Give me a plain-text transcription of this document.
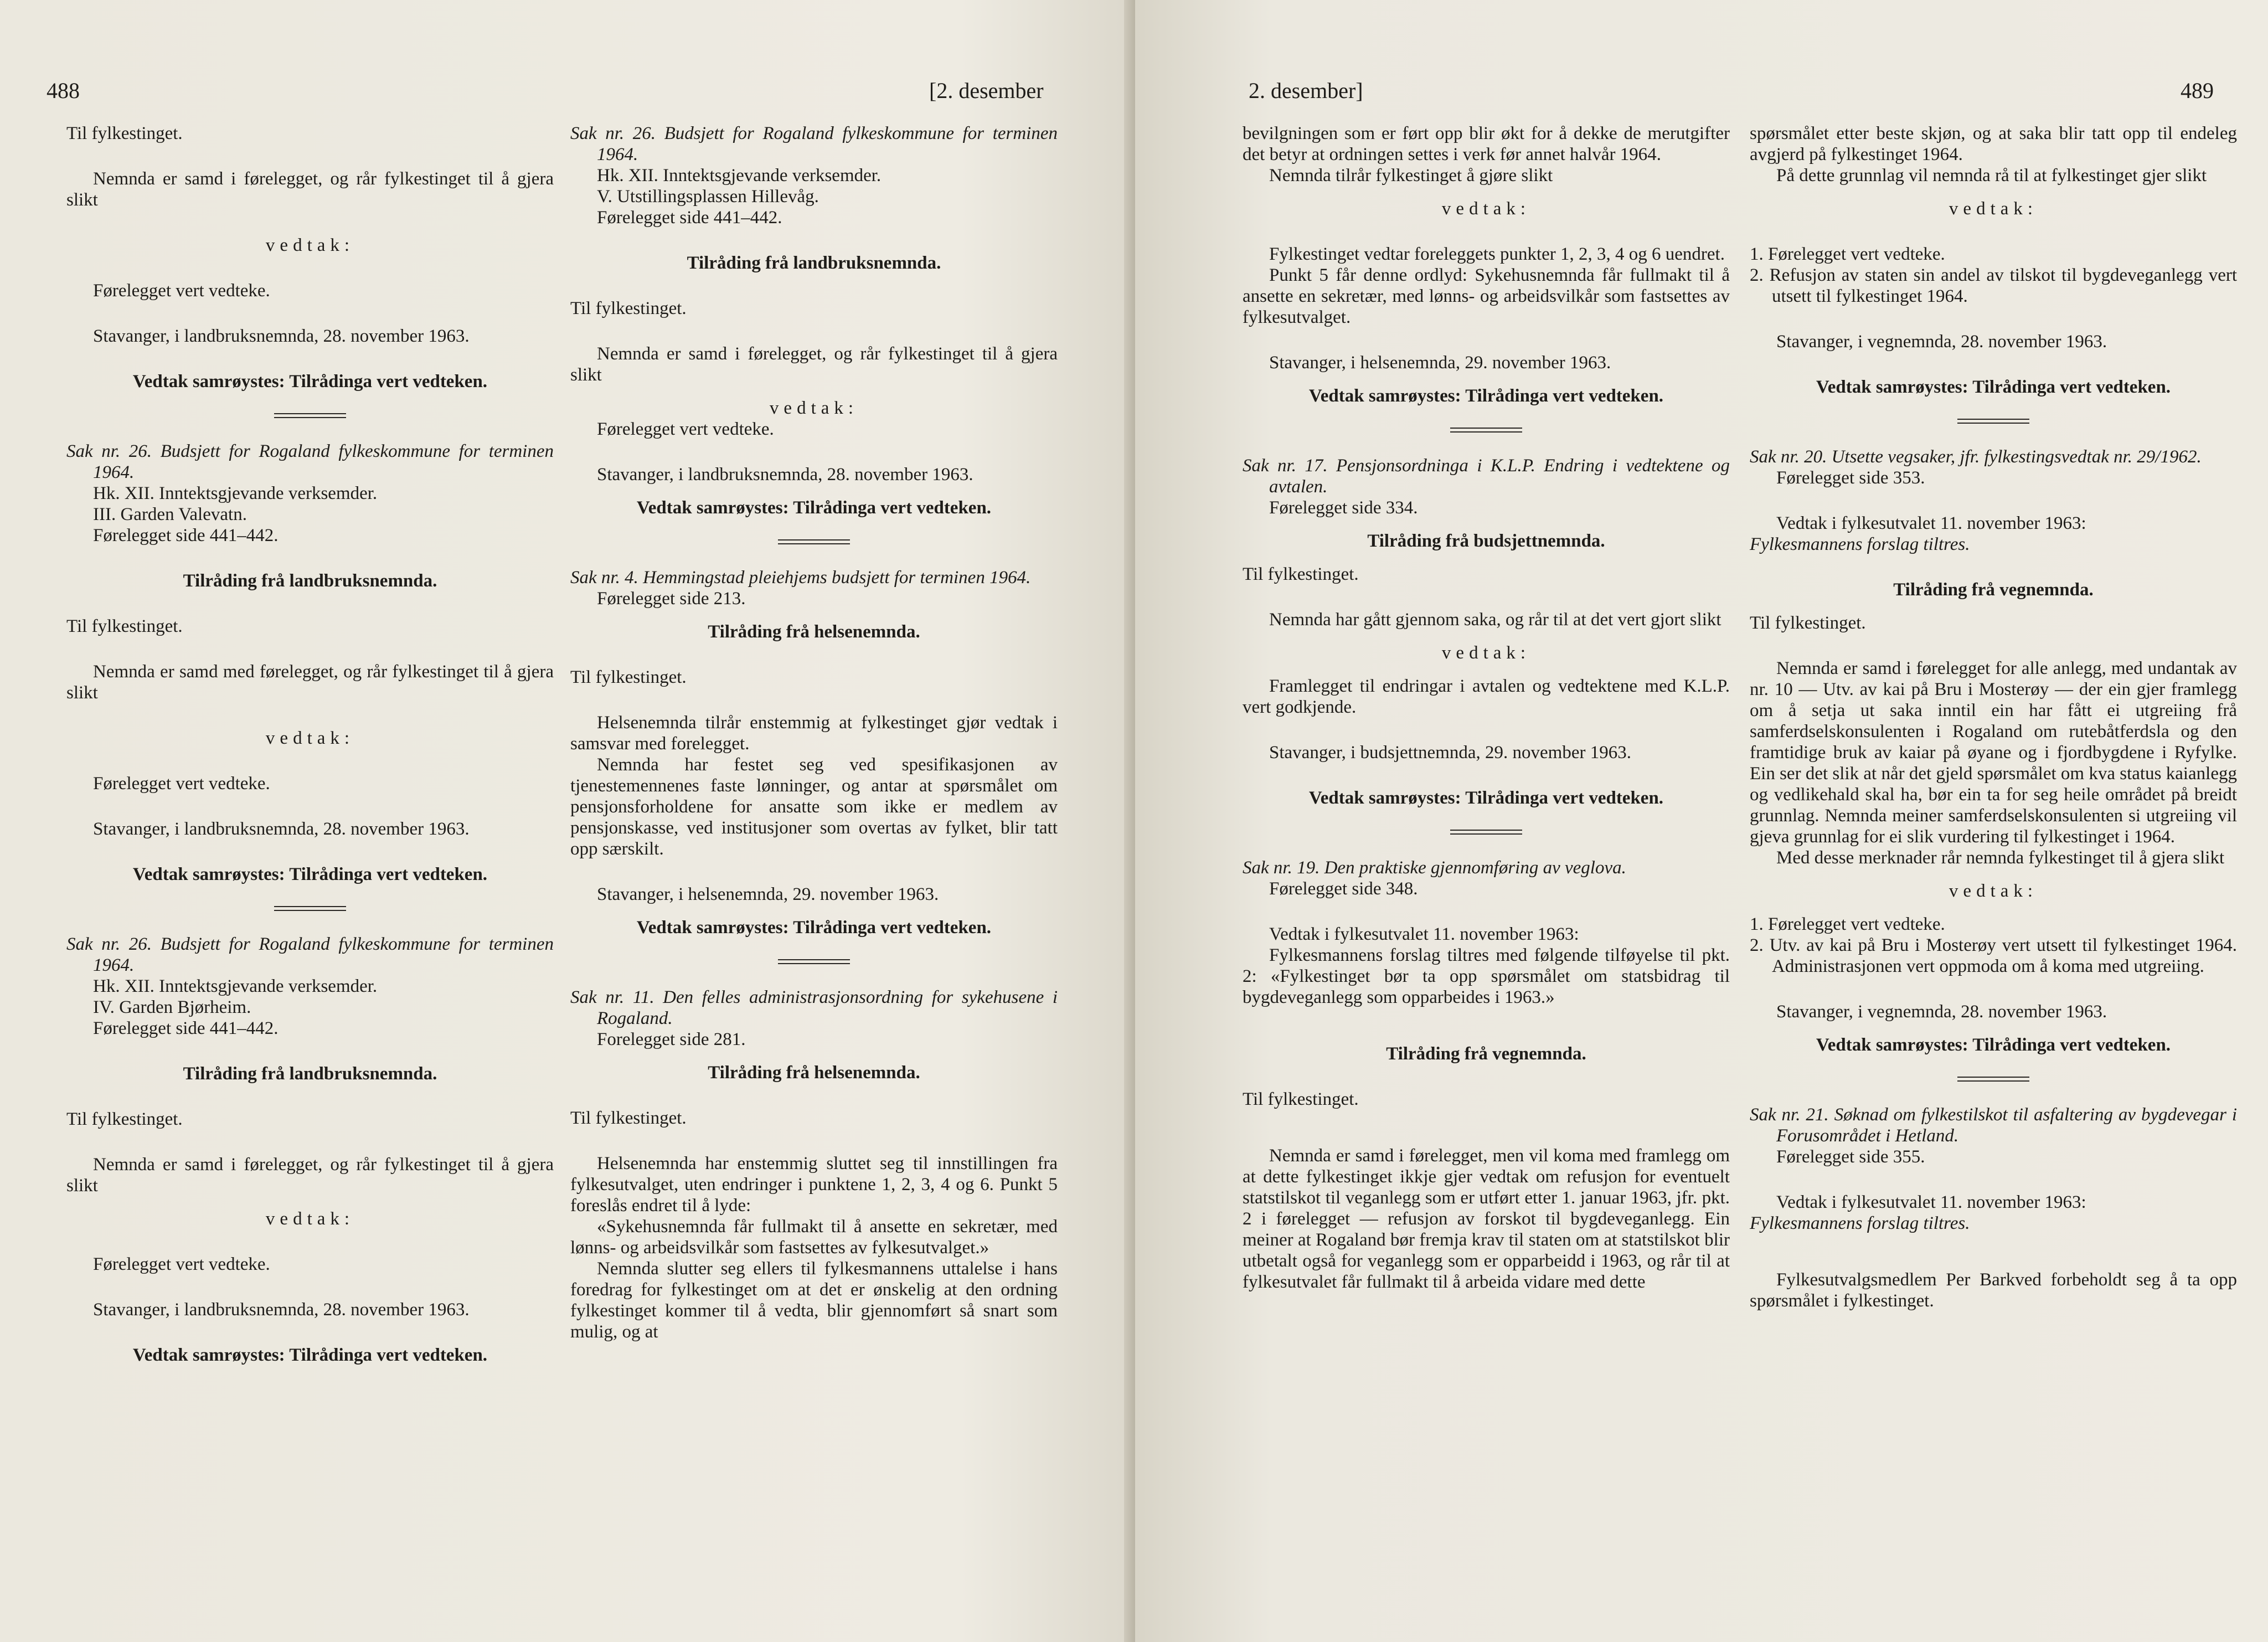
488	[2. desember

Til fylkestinget.

Nemnda er samd i førelegget, og rår fylkestinget til å gjera slikt

vedtak:

Førelegget vert vedteke.

Stavanger, i landbruksnemnda, 28. november 1963.

Vedtak samrøystes: Tilrådinga vert vedteken.

Sak nr. 26. Budsjett for Rogaland fylkeskommune for terminen 1964.

Hk. XII. Inntektsgjevande verksemder.

III. Garden Valevatn.

Førelegget side 441–442.

Tilråding frå landbruksnemnda.

Til fylkestinget.

Nemnda er samd med førelegget, og rår fylkestinget til å gjera slikt

vedtak:

Førelegget vert vedteke.

Stavanger, i landbruksnemnda, 28. november 1963.

Vedtak samrøystes: Tilrådinga vert vedteken.

Sak nr. 26. Budsjett for Rogaland fylkeskommune for terminen 1964.

Hk. XII. Inntektsgjevande verksemder.

IV. Garden Bjørheim.

Førelegget side 441–442.

Tilråding frå landbruksnemnda.

Til fylkestinget.

Nemnda er samd i førelegget, og rår fylkestinget til å gjera slikt

vedtak:

Førelegget vert vedteke.

Stavanger, i landbruksnemnda, 28. november 1963.

Vedtak samrøystes: Tilrådinga vert vedteken.

Sak nr. 26. Budsjett for Rogaland fylkeskommune for terminen 1964.

Hk. XII. Inntektsgjevande verksemder.

V. Utstillingsplassen Hillevåg.

Førelegget side 441–442.

Tilråding frå landbruksnemnda.

Til fylkestinget.

Nemnda er samd i førelegget, og rår fylkestinget til å gjera slikt

vedtak:

Førelegget vert vedteke.

Stavanger, i landbruksnemnda, 28. november 1963.

Vedtak samrøystes: Tilrådinga vert vedteken.

Sak nr. 4. Hemmingstad pleiehjems budsjett for terminen 1964.

Førelegget side 213.

Tilråding frå helsenemnda.

Til fylkestinget.

Helsenemnda tilrår enstemmig at fylkestinget gjør vedtak i samsvar med forelegget.

Nemnda har festet seg ved spesifikasjonen av tjenestemennenes faste lønninger, og antar at spørsmålet om pensjonsforholdene for ansatte som ikke er medlem av pensjonskasse, ved institusjoner som overtas av fylket, blir tatt opp særskilt.

Stavanger, i helsenemnda, 29. november 1963.

Vedtak samrøystes: Tilrådinga vert vedteken.

Sak nr. 11. Den felles administrasjonsordning for sykehusene i Rogaland.

Forelegget side 281.

Tilråding frå helsenemnda.

Til fylkestinget.

Helsenemnda har enstemmig sluttet seg til innstillingen fra fylkesutvalget, uten endringer i punktene 1, 2, 3, 4 og 6. Punkt 5 foreslås endret til å lyde:

«Sykehusnemnda får fullmakt til å ansette en sekretær, med lønns- og arbeidsvilkår som fastsettes av fylkesutvalget.»

Nemnda slutter seg ellers til fylkesmannens uttalelse i hans foredrag for fylkestinget om at det er ønskelig at den ordning fylkestinget kommer til å vedta, blir gjennomført så snart som mulig, og at

2. desember]	489

bevilgningen som er ført opp blir økt for å dekke de merutgifter det betyr at ordningen settes i verk før annet halvår 1964.

Nemnda tilrår fylkestinget å gjøre slikt

vedtak:

Fylkestinget vedtar foreleggets punkter 1, 2, 3, 4 og 6 uendret.

Punkt 5 får denne ordlyd: Sykehusnemnda får fullmakt til å ansette en sekretær, med lønns- og arbeidsvilkår som fastsettes av fylkesutvalget.

Stavanger, i helsenemnda, 29. november 1963.

Vedtak samrøystes: Tilrådinga vert vedteken.

Sak nr. 17. Pensjonsordninga i K.L.P. Endring i vedtektene og avtalen.

Førelegget side 334.

Tilråding frå budsjettnemnda.

Til fylkestinget.

Nemnda har gått gjennom saka, og rår til at det vert gjort slikt

vedtak:

Framlegget til endringar i avtalen og vedtektene med K.L.P. vert godkjende.

Stavanger, i budsjettnemnda, 29. november 1963.

Vedtak samrøystes: Tilrådinga vert vedteken.

Sak nr. 19. Den praktiske gjennomføring av veglova.

Førelegget side 348.

Vedtak i fylkesutvalet 11. november 1963:

Fylkesmannens forslag tiltres med følgende tilføyelse til pkt. 2: «Fylkestinget bør ta opp spørsmålet om statsbidrag til bygdeveganlegg som opparbeides i 1963.»

Tilråding frå vegnemnda.

Til fylkestinget.

Nemnda er samd i førelegget, men vil koma med framlegg om at dette fylkestinget ikkje gjer vedtak om refusjon for eventuelt statstilskot til veganlegg som er utført etter 1. januar 1963, jfr. pkt. 2 i førelegget — refusjon av forskot til bygdeveganlegg. Ein meiner at Rogaland bør fremja krav til staten om at statstilskot blir utbetalt også for veganlegg som er opparbeidd i 1963, og rår til at fylkesutvalet får fullmakt til å arbeida vidare med dette

spørsmålet etter beste skjøn, og at saka blir tatt opp til endeleg avgjerd på fylkestinget 1964.

På dette grunnlag vil nemnda rå til at fylkestinget gjer slikt

vedtak:

1. Førelegget vert vedteke.

2. Refusjon av staten sin andel av tilskot til bygdeveganlegg vert utsett til fylkestinget 1964.

Stavanger, i vegnemnda, 28. november 1963.

Vedtak samrøystes: Tilrådinga vert vedteken.

Sak nr. 20. Utsette vegsaker, jfr. fylkestingsvedtak nr. 29/1962.

Førelegget side 353.

Vedtak i fylkesutvalet 11. november 1963:

Fylkesmannens forslag tiltres.

Tilråding frå vegnemnda.

Til fylkestinget.

Nemnda er samd i førelegget for alle anlegg, med undantak av nr. 10 — Utv. av kai på Bru i Mosterøy — der ein gjer framlegg om å setja ut saka inntil ein har fått ei utgreiing frå samferdselskonsulenten i Rogaland om rutebåtferdsla og den framtidige bruk av kaiar på øyane og i fjordbygdene i Ryfylke. Ein ser det slik at når det gjeld spørsmålet om kva status kaianlegg og vedlikehald skal ha, bør ein ta for seg heile området på breidt grunnlag. Nemnda meiner samferdselskonsulenten si utgreiing vil gjeva grunnlag for ei slik vurdering til fylkestinget i 1964.

Med desse merknader rår nemnda fylkestinget til å gjera slikt

vedtak:

1. Førelegget vert vedteke.

2. Utv. av kai på Bru i Mosterøy vert utsett til fylkestinget 1964. Administrasjonen vert oppmoda om å koma med utgreiing.

Stavanger, i vegnemnda, 28. november 1963.

Vedtak samrøystes: Tilrådinga vert vedteken.

Sak nr. 21. Søknad om fylkestilskot til asfaltering av bygdevegar i Forusområdet i Hetland.

Førelegget side 355.

Vedtak i fylkesutvalet 11. november 1963:

Fylkesmannens forslag tiltres.

Fylkesutvalgsmedlem Per Barkved forbeholdt seg å ta opp spørsmålet i fylkestinget.
